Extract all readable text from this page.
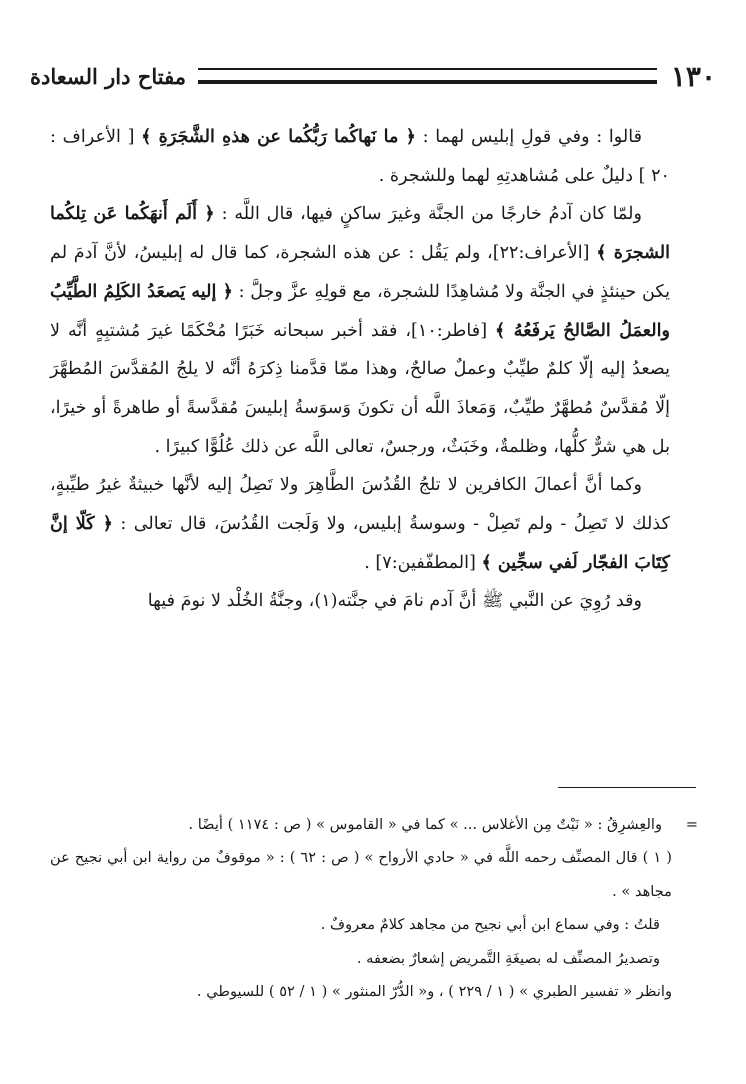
١٣٠
مفتاح دار السعادة

قالوا : وفي قولِ إبليس لهما : ﴿ ما نَهاكُما رَبُّكُما عن هذهِ الشَّجَرَةِ ﴾ [ الأعراف : ٢٠ ] دليلٌ على مُشاهدتِهِ لهما وللشجرة .

ولمّا كان آدمُ خارجًا من الجنَّة وغيرَ ساكنٍ فيها، قال اللَّه : ﴿ أَلَم أَنهَكُما عَن تِلكُما الشجرَة ﴾ [الأعراف:٢٢]، ولم يَقُل : عن هذه الشجرة، كما قال له إبليسُ، لأنَّ آدمَ لم يكن حينئذٍ في الجنَّة ولا مُشاهِدًا للشجرة، مع قولِهِ عزَّ وجلَّ : ﴿ إليه يَصعَدُ الكَلِمُ الطَّيِّبُ والعمَلُ الصَّالحُ يَرفَعُهُ ﴾ [فاطر:١٠]، فقد أخبر سبحانه خَبَرًا مُحْكَمًا غيرَ مُشتبِهٍ أنَّه لا يصعدُ إليه إلّا كلمٌ طيِّبٌ وعملٌ صالحٌ، وهذا ممّا قدَّمنا ذِكرَهُ أنَّه لا يلجُ المُقدَّسَ المُطهَّرَ إلّا مُقدَّسٌ مُطهَّرٌ طيِّبٌ، وَمَعاذَ اللَّه أن تكونَ وَسوَسةُ إبليسَ مُقدَّسةً أو طاهرةً أو خيرًا، بل هي شرٌّ كلُّها، وظلمةٌ، وخَبَثٌ، ورجسٌ، تعالى اللَّه عن ذلك عُلُوًّا كبيرًا .

وكما أنَّ أعمالَ الكافرين لا تلجُ القُدُسَ الطَّاهِرَ ولا تَصِلُ إليه لأنَّها خبيثةٌ غيرُ طيِّبةٍ، كذلك لا تَصِلُ - ولم تَصِلْ - وسوسةُ إبليس، ولا وَلَجت القُدُسَ، قال تعالى : ﴿ كَلّا إنَّ كِتَابَ الفجّار لَفي سجِّين ﴾ [المطفّفين:٧] .

وقد رُوِيَ عن النَّبي ﷺ أنَّ آدم نامَ في جنَّته(١)، وجنَّةُ الخُلْد لا نومَ فيها

=
والعِشرِقُ : « نَبْتٌ مِن الأغلاس ... » كما في « القاموس » ( ص : ١١٧٤ ) أيضًا .

( ١ ) قال المصنِّف رحمه اللَّه في « حادي الأرواح » ( ص : ٦٢ ) : « موقوفٌ من رواية ابن أبي نجيح عن مجاهد » .

قلتُ : وفي سماع ابن أبي نجيح من مجاهد كلامٌ معروفٌ .

وتصديرُ المصنِّف له بصيغَةِ التَّمريض إشعارٌ بضعفه .

وانظر « تفسير الطبري » ( ١ / ٢٢٩ ) ، و« الدُّرّ المنثور » ( ١ / ٥٢ ) للسيوطي .
